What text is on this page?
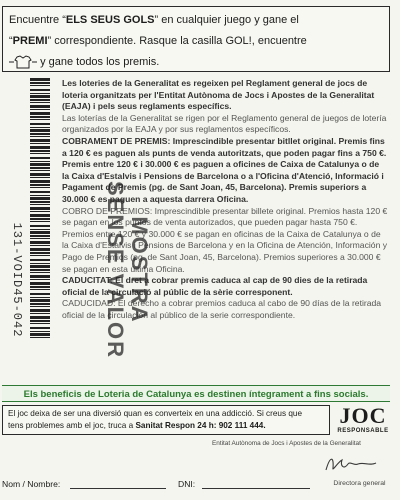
Encuentre “ELS SEUS GOLS” en cualquier juego y gane el
“PREMI” correspondiente. Rasque la casilla GOL!, encuentre
y gane todos los premis.
131-VOID45-042

Les loteries de la Generalitat es regeixen pel Reglament general de jocs de loteria organitzats per l'Entitat Autònoma de Jocs i Apostes de la Generalitat (EAJA) i pels seus reglaments específics.

Las loterías de la Generalitat se rigen por el Reglamento general de juegos de lotería organizados por la EAJA y por sus reglamentos específicos.

COBRAMENT DE PREMIS: Imprescindible presentar bitllet original. Premis fins a 120 € es paguen als punts de venda autoritzats, que poden pagar fins a 750 €. Premis entre 120 € i 30.000 € es paguen a oficines de Caixa de Catalunya o de la Caixa d'Estalvis i Pensions de Barcelona o a l'Oficina d'Atenció, Informació i Pagament de Premis (pg. de Sant Joan, 45, Barcelona). Premis superiors a 30.000 € es paguen a aquesta darrera Oficina.

COBRO DE PREMIOS: Imprescindible presentar billete original. Premios hasta 120 € se pagan en los puntos de venta autorizados, que pueden pagar hasta 750 €. Premios entre 120 € y 30.000 € se pagan en oficinas de la Caixa de Catalunya o de la Caixa d'Estalvis i Pensions de Barcelona y en la Oficina de Atención, Información y Pago de Premios (pg. de Sant Joan, 45, Barcelona). Premios superiores a 30.000 € se pagan en esta última Oficina.

CADUCITAT: El dret a cobrar premis caduca al cap de 90 dies de la retirada oficial de la circulació al públic de la sèrie corresponent.

CADUCIDAD: El derecho a cobrar premios caduca al cabo de 90 días de la retirada oficial de la circulación al público de la serie correspondiente.

MOSTRA
SENSE VALOR
Els beneficis de Loteria de Catalunya es destinen íntegrament a fins socials.
El joc deixa de ser una diversió quan es converteix en una addicció. Si creus que
tens problemes amb el joc, truca a Sanitat Respon 24 h: 902 111 444.	JOC
RESPONSABLE
Entitat Autònoma de Jocs i Apostes de la Generalitat
Directora general
Nom / Nombre:	DNI:
